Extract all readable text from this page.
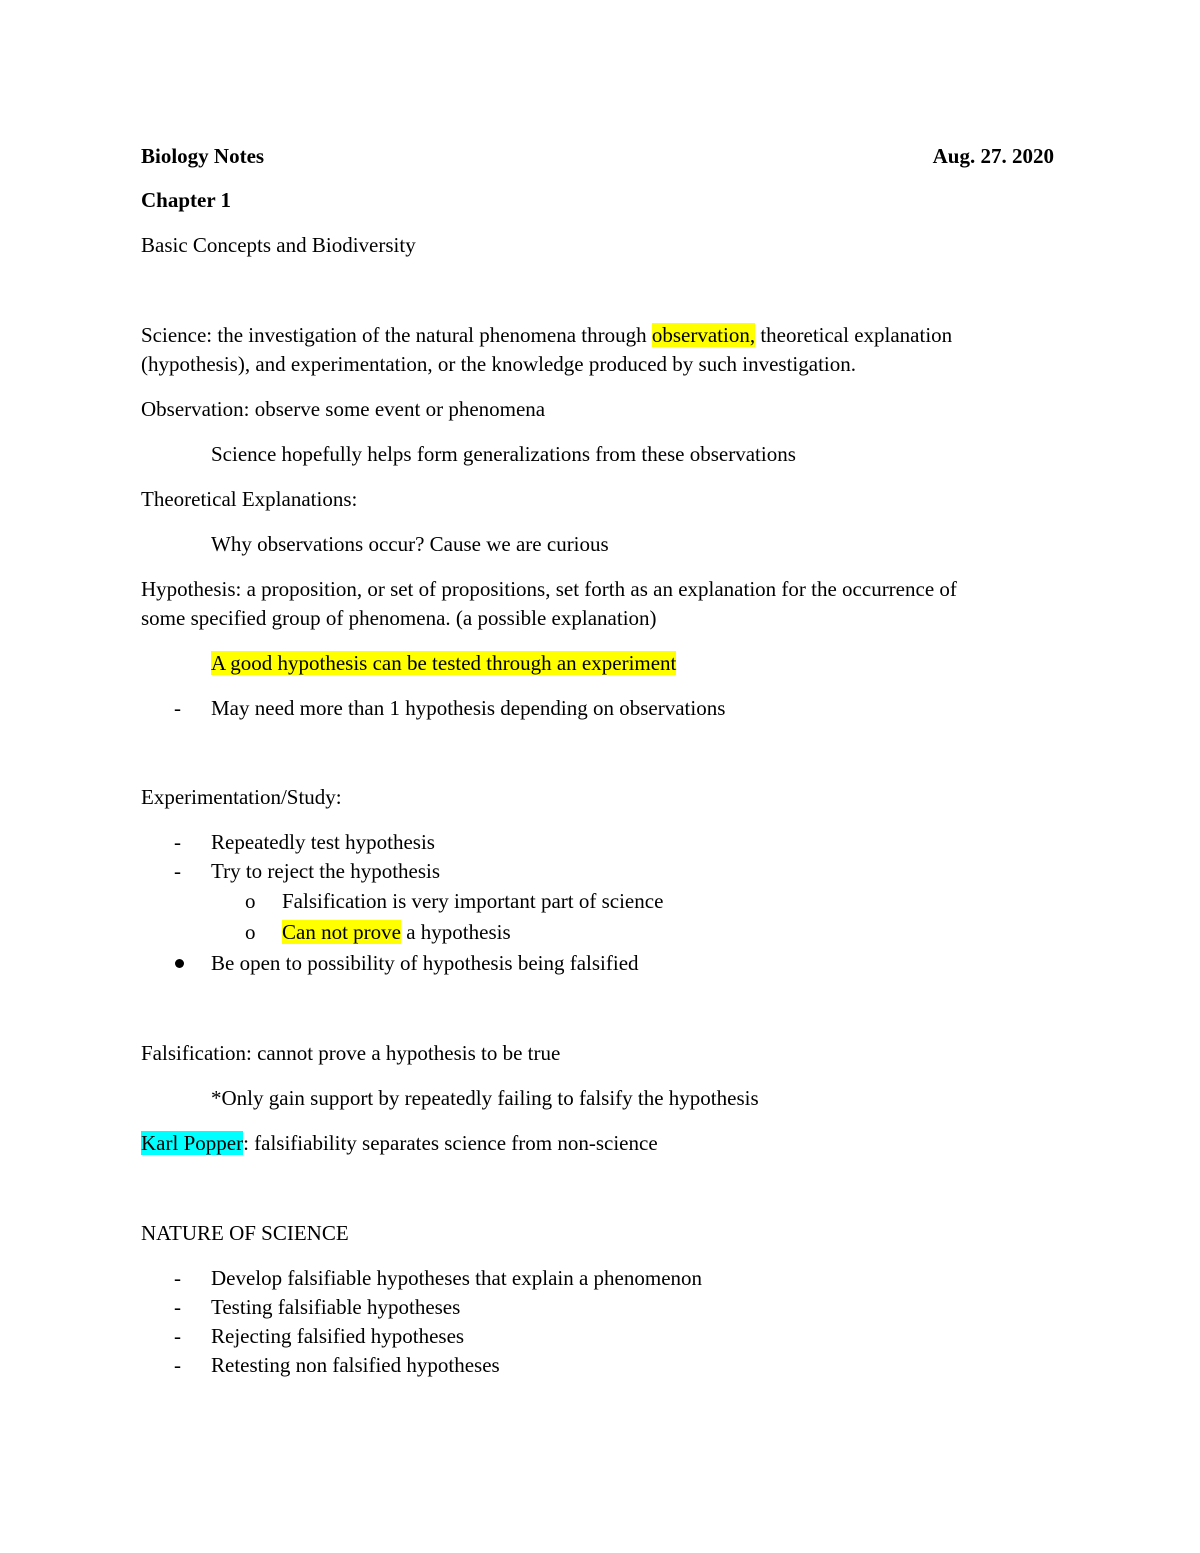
Biology Notes	Aug. 27. 2020
Chapter 1
Basic Concepts and Biodiversity
Science: the investigation of the natural phenomena through observation, theoretical explanation
(hypothesis), and experimentation, or the knowledge produced by such investigation.
Observation: observe some event or phenomena
Science hopefully helps form generalizations from these observations
Theoretical Explanations:
Why observations occur? Cause we are curious
Hypothesis: a proposition, or set of propositions, set forth as an explanation for the occurrence of
some specified group of phenomena. (a possible explanation)
A good hypothesis can be tested through an experiment
- May need more than 1 hypothesis depending on observations
Experimentation/Study:
- Repeatedly test hypothesis
- Try to reject the hypothesis
o Falsification is very important part of science
o Can not prove a hypothesis
Be open to possibility of hypothesis being falsified
Falsification: cannot prove a hypothesis to be true
*Only gain support by repeatedly failing to falsify the hypothesis
Karl Popper: falsifiability separates science from non-science
NATURE OF SCIENCE
- Develop falsifiable hypotheses that explain a phenomenon
- Testing falsifiable hypotheses
- Rejecting falsified hypotheses
- Retesting non falsified hypotheses
